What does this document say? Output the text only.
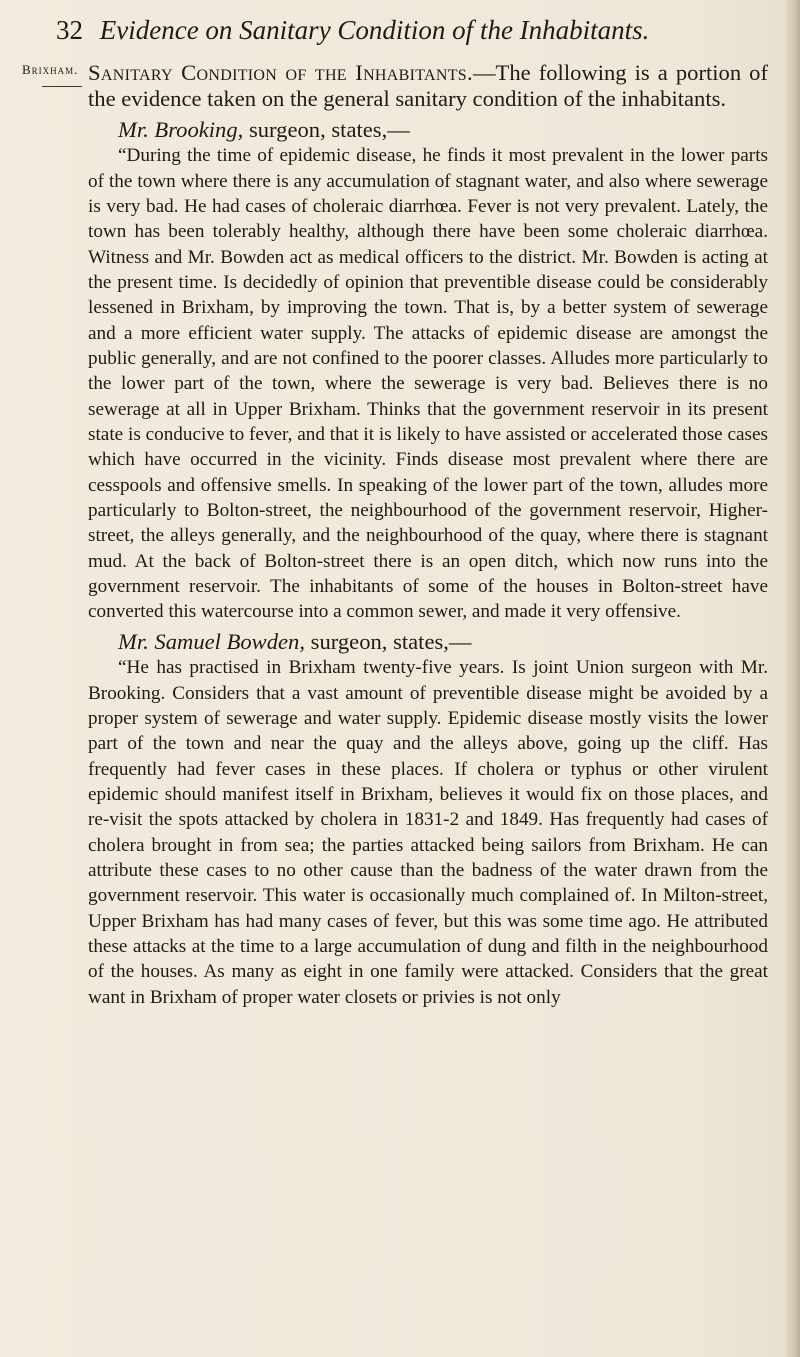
32 Evidence on Sanitary Condition of the Inhabitants.
Brixham. Sanitary Condition of the Inhabitants.—The following is a portion of the evidence taken on the general sanitary condition of the inhabitants.

Mr. Brooking, surgeon, states,—

“During the time of epidemic disease, he finds it most prevalent in the lower parts of the town where there is any accumulation of stagnant water, and also where sewerage is very bad. He had cases of choleraic diarrhœa. Fever is not very prevalent. Lately, the town has been tolerably healthy, although there have been some choleraic diarrhœa. Witness and Mr. Bowden act as medical officers to the district. Mr. Bowden is acting at the present time. Is decidedly of opinion that preventible disease could be considerably lessened in Brixham, by improving the town. That is, by a better system of sewerage and a more efficient water supply. The attacks of epidemic disease are amongst the public generally, and are not confined to the poorer classes. Alludes more particularly to the lower part of the town, where the sewerage is very bad. Believes there is no sewerage at all in Upper Brixham. Thinks that the government reservoir in its present state is conducive to fever, and that it is likely to have assisted or accelerated those cases which have occurred in the vicinity. Finds disease most prevalent where there are cesspools and offensive smells. In speaking of the lower part of the town, alludes more particularly to Bolton-street, the neighbourhood of the government reservoir, Higher-street, the alleys generally, and the neighbourhood of the quay, where there is stagnant mud. At the back of Bolton-street there is an open ditch, which now runs into the government reservoir. The inhabitants of some of the houses in Bolton-street have converted this watercourse into a common sewer, and made it very offensive.

Mr. Samuel Bowden, surgeon, states,—

“He has practised in Brixham twenty-five years. Is joint Union surgeon with Mr. Brooking. Considers that a vast amount of preventible disease might be avoided by a proper system of sewerage and water supply. Epidemic disease mostly visits the lower part of the town and near the quay and the alleys above, going up the cliff. Has frequently had fever cases in these places. If cholera or typhus or other virulent epidemic should manifest itself in Brixham, believes it would fix on those places, and re-visit the spots attacked by cholera in 1831-2 and 1849. Has frequently had cases of cholera brought in from sea; the parties attacked being sailors from Brixham. He can attribute these cases to no other cause than the badness of the water drawn from the government reservoir. This water is occasionally much complained of. In Milton-street, Upper Brixham has had many cases of fever, but this was some time ago. He attributed these attacks at the time to a large accumulation of dung and filth in the neighbourhood of the houses. As many as eight in one family were attacked. Considers that the great want in Brixham of proper water closets or privies is not only
